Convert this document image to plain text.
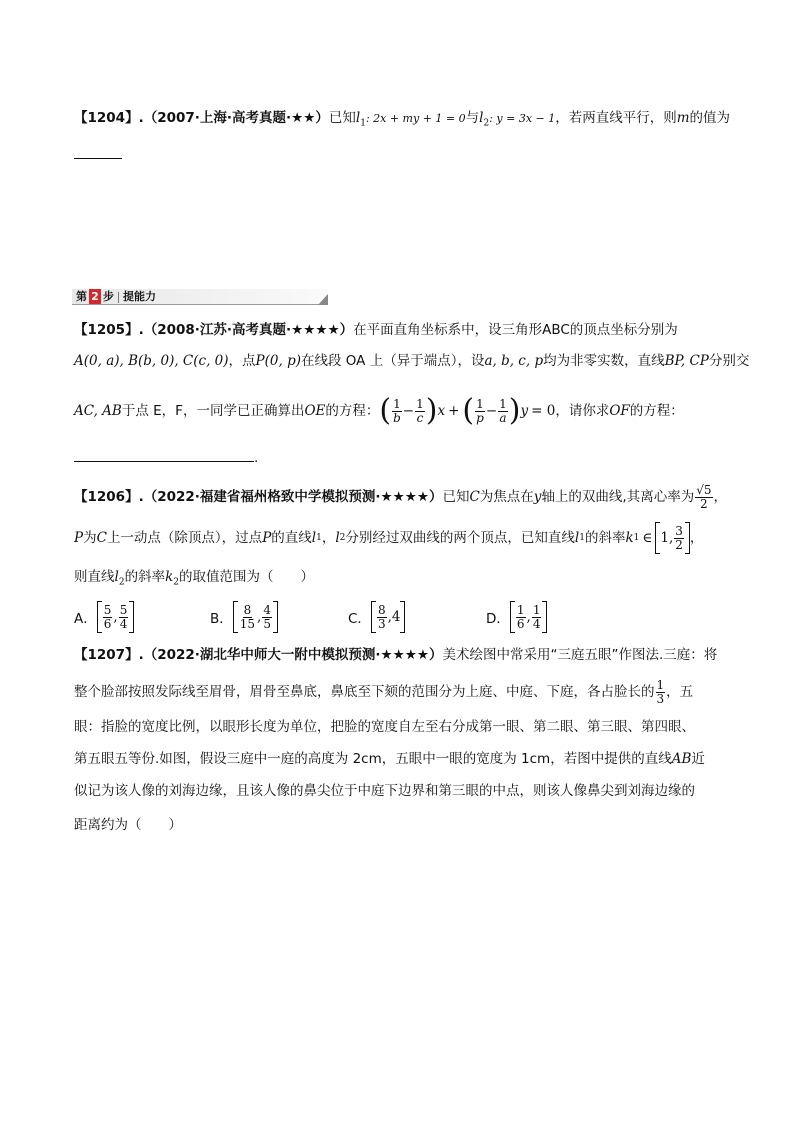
【1204】.（2007·上海·高考真题·★★）已知$l_1$: 2x + my + 1 = 0与$l_2$: y = 3x − 1，若两直线平行，则m的值为
第 2 步 提能力
【1205】.（2008·江苏·高考真题·★★★★）在平面直角坐标系中，设三角形ABC的顶点坐标分别为
A(0, a), B(b, 0), C(c, 0)，点P(0, p)在线段 OA 上（异于端点），设a, b, c, p均为非零实数，直线BP, CP分别交
AC, AB 于点 E，F，一同学已正确算出 OE 的方程： ( $\frac{1}{b} - \frac{1}{c}$ ) x + ( $\frac{1}{p} - \frac{1}{a}$ ) y = 0 ，请你求 OF 的方程：
.
【1206】.（2022·福建省福州格致中学模拟预测·★★★★） 已知 C 为焦点在 y 轴上的双曲线,其离心率为 $\frac{√5}{2}$ ，
P 为 C 上一动点（除顶点），过点 P 的直线 l 1 ， l 2 分别经过双曲线的两个顶点，已知直线 l 1 的斜率 k 1 ∈ 1, $\frac{3}{2}$ ，
则直线$l_2$的斜率$k_2$的取值范围为（　　）
A． $\frac{5}{6}$ , $\frac{5}{4}$	B． $\frac{8}{15}$ , $\frac{4}{5}$	C． $\frac{8}{3}$ , 4	D． $\frac{1}{6}$ , $\frac{1}{4}$
【1207】.（2022·湖北华中师大一附中模拟预测·★★★★）美术绘图中常采用“三庭五眼”作图法.三庭：将
整个脸部按照发际线至眉骨，眉骨至鼻底，鼻底至下颏的范围分为上庭、中庭、下庭，各占脸长的 $\frac{1}{3}$ ，五
眼：指脸的宽度比例，以眼形长度为单位，把脸的宽度自左至右分成第一眼、第二眼、第三眼、第四眼、
第五眼五等份.如图，假设三庭中一庭的高度为 2cm，五眼中一眼的宽度为 1cm，若图中提供的直线AB近
似记为该人像的刘海边缘，且该人像的鼻尖位于中庭下边界和第三眼的中点，则该人像鼻尖到刘海边缘的
距离约为（　　）
